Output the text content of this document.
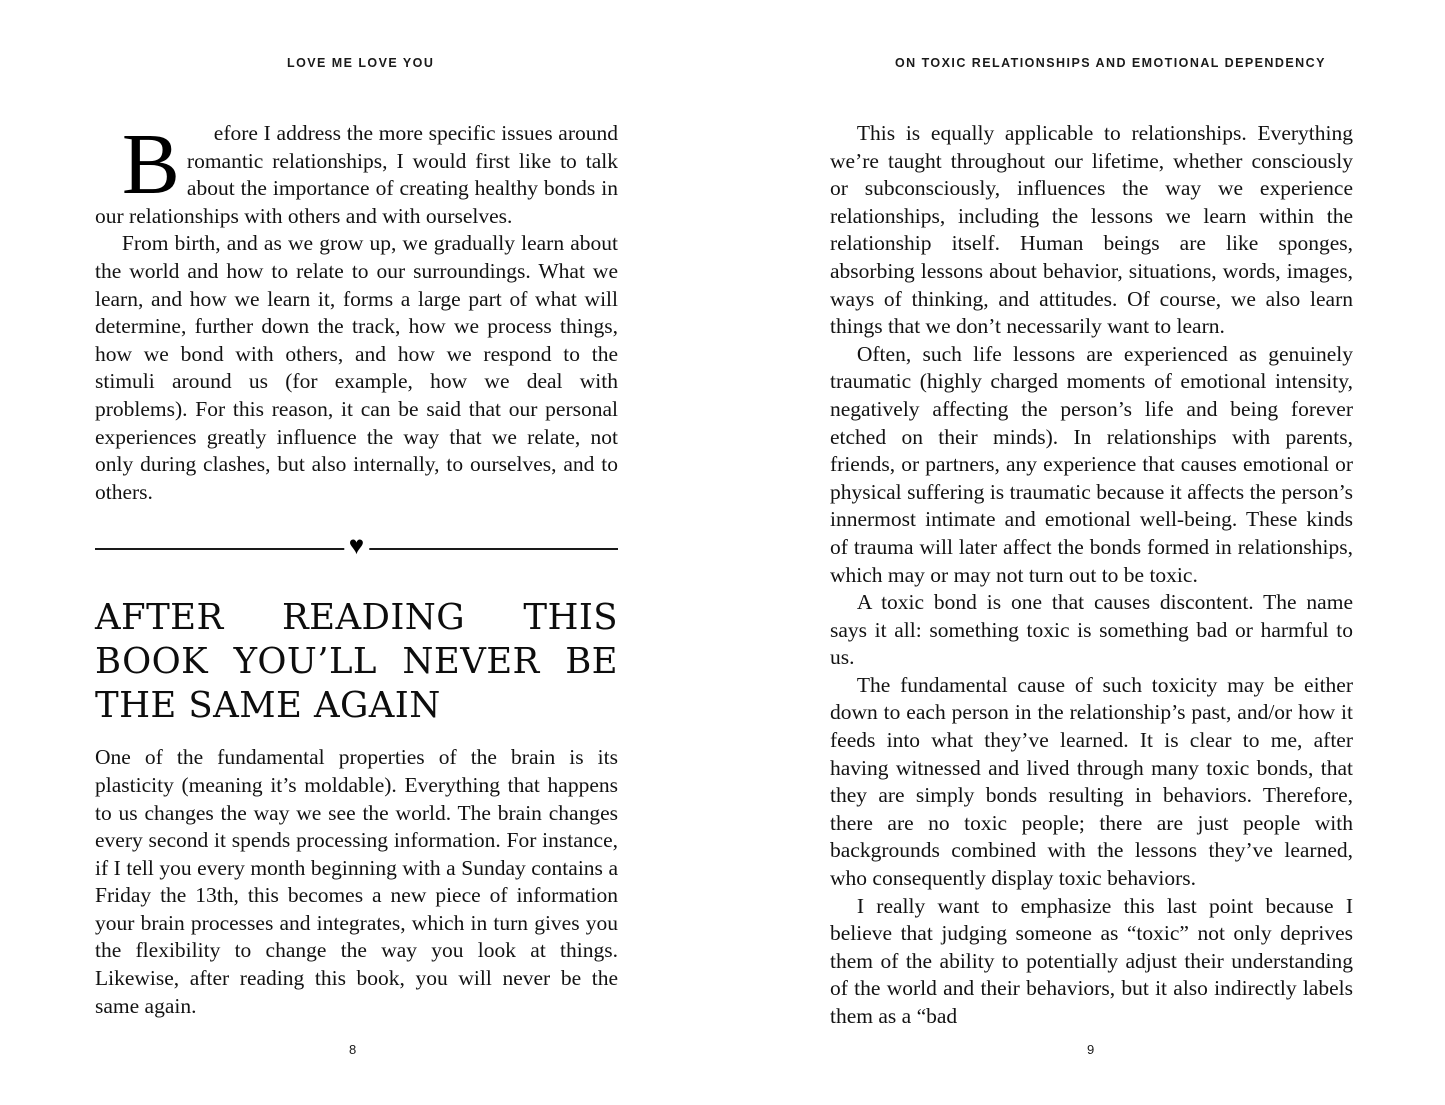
LOVE ME LOVE YOU	ON TOXIC RELATIONSHIPS AND EMOTIONAL DEPENDENCY

B	efore I address the more specific issues around romantic relationships, I would first like to talk about the importance of creating healthy bonds in our relationships with others and with ourselves.

From birth, and as we grow up, we gradually learn about the world and how to relate to our surroundings. What we learn, and how we learn it, forms a large part of what will determine, further down the track, how we process things, how we bond with others, and how we respond to the stimuli around us (for example, how we deal with problems). For this reason, it can be said that our personal experiences greatly influence the way that we relate, not only during clashes, but also internally, to ourselves, and to others.

♥
AFTER READING THIS BOOK YOU’LL NEVER BE THE SAME AGAIN

One of the fundamental properties of the brain is its plasticity (meaning it’s moldable). Everything that happens to us changes the way we see the world. The brain changes every second it spends processing information. For instance, if I tell you every month beginning with a Sunday contains a Friday the 13th, this becomes a new piece of information your brain processes and integrates, which in turn gives you the flexibility to change the way you look at things. Likewise, after reading this book, you will never be the same again.

This is equally applicable to relationships. Everything we’re taught throughout our lifetime, whether consciously or subconsciously, influences the way we experience relationships, including the lessons we learn within the relationship itself. Human beings are like sponges, absorbing lessons about behavior, situations, words, images, ways of thinking, and attitudes. Of course, we also learn things that we don’t necessarily want to learn.

Often, such life lessons are experienced as genuinely traumatic (highly charged moments of emotional intensity, negatively affecting the person’s life and being forever etched on their minds). In relationships with parents, friends, or partners, any experience that causes emotional or physical suffering is traumatic because it affects the person’s innermost intimate and emotional well-being. These kinds of trauma will later affect the bonds formed in relationships, which may or may not turn out to be toxic.

A toxic bond is one that causes discontent. The name says it all: something toxic is something bad or harmful to us.

The fundamental cause of such toxicity may be either down to each person in the relationship’s past, and/or how it feeds into what they’ve learned. It is clear to me, after having witnessed and lived through many toxic bonds, that they are simply bonds resulting in behaviors. Therefore, there are no toxic people; there are just people with backgrounds combined with the lessons they’ve learned, who consequently display toxic behaviors.

I really want to emphasize this last point because I believe that judging someone as “toxic” not only deprives them of the ability to potentially adjust their understanding of the world and their behaviors, but it also indirectly labels them as a “bad

8	9
